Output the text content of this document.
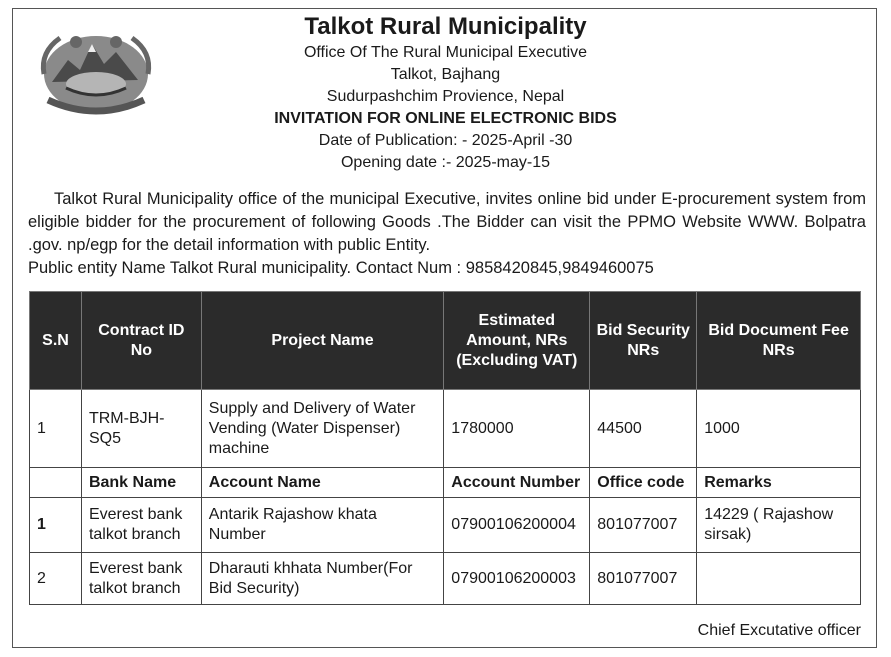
Talkot Rural Municipality
Office Of The Rural Municipal Executive
Talkot, Bajhang
Sudurpashchim Provience, Nepal
INVITATION FOR ONLINE ELECTRONIC BIDS
Date of Publication: - 2025-April -30
Opening date :- 2025-may-15

Talkot Rural Municipality office of the municipal Executive, invites online bid under E-procurement system from eligible bidder for the procurement of following Goods .The Bidder can visit the PPMO Website WWW. Bolpatra .gov. np/egp for the detail information with public Entity.

Public entity Name Talkot Rural municipality. Contact Num : 9858420845,9849460075

S.N	Contract ID No	Project Name	Estimated Amount, NRs (Excluding VAT)	Bid Security NRs	Bid Document Fee NRs
1	TRM-BJH-SQ5	Supply and Delivery of Water Vending (Water Dispenser) machine	1780000	44500	1000
	Bank Name	Account Name	Account Number	Office code	Remarks
1	Everest bank talkot branch	Antarik Rajashow khata Number	07900106200004	801077007	14229 ( Rajashow sirsak)
2	Everest bank talkot branch	Dharauti khhata Number(For Bid Security)	07900106200003	801077007	
Chief Excutative officer
